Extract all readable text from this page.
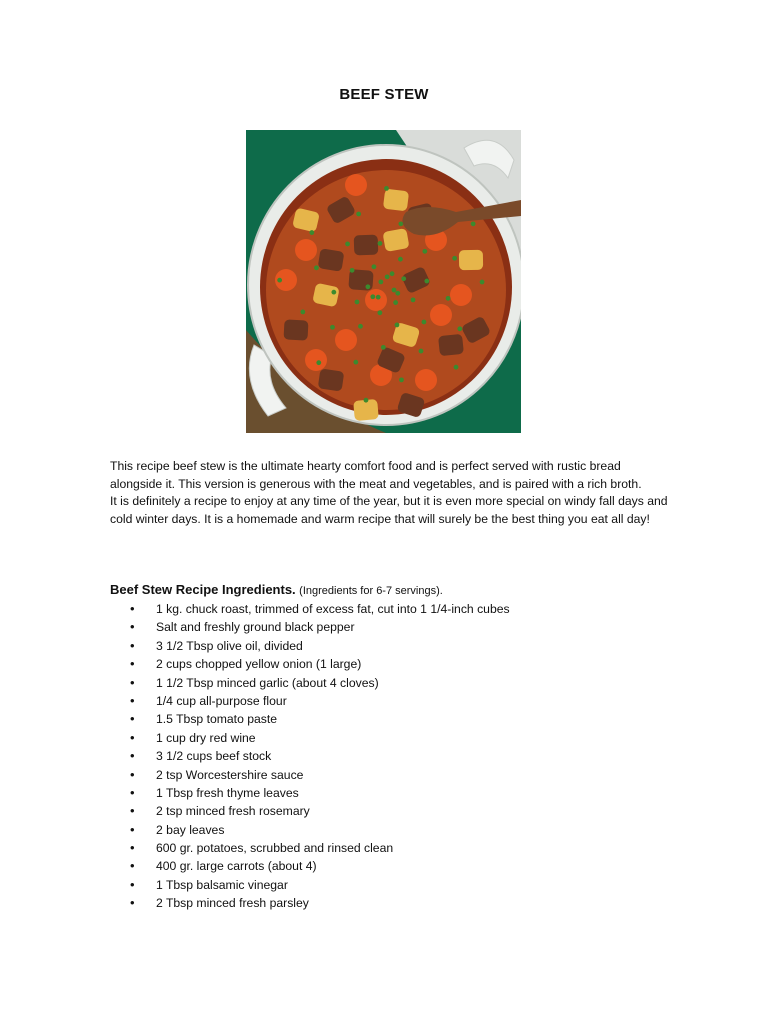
BEEF STEW

This recipe beef stew is the ultimate hearty comfort food and is perfect served with rustic bread alongside it. This version is generous with the meat and vegetables, and is paired with a rich broth.

It is definitely a recipe to enjoy at any time of the year, but it is even more special on windy fall days and cold winter days. It is a homemade and warm recipe that will surely be the best thing you eat all day!

Beef Stew Recipe Ingredients. (Ingredients for 6-7 servings).
• 1 kg. chuck roast, trimmed of excess fat, cut into 1 1/4-inch cubes
• Salt and freshly ground black pepper
• 3 1/2 Tbsp olive oil, divided
• 2 cups chopped yellow onion (1 large)
• 1 1/2 Tbsp minced garlic (about 4 cloves)
• 1/4 cup all-purpose flour
• 1.5 Tbsp tomato paste
• 1 cup dry red wine
• 3 1/2 cups beef stock
• 2 tsp Worcestershire sauce
• 1 Tbsp fresh thyme leaves
• 2 tsp minced fresh rosemary
• 2 bay leaves
• 600 gr. potatoes, scrubbed and rinsed clean
• 400 gr. large carrots (about 4)
• 1 Tbsp balsamic vinegar
• 2 Tbsp minced fresh parsley
